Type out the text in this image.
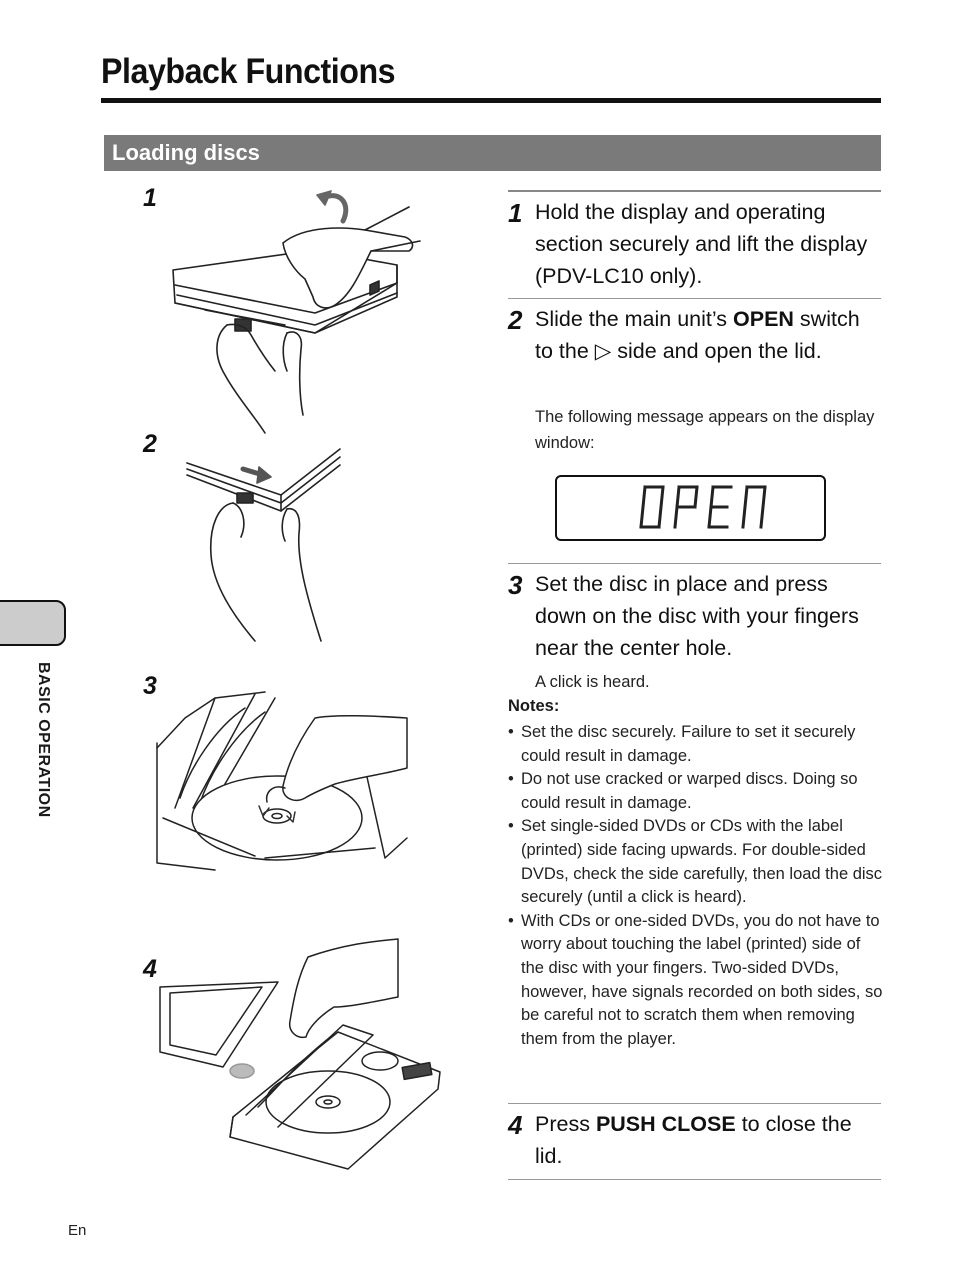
Playback Functions
Loading discs
BASIC OPERATION
1
2
3
4
1 Hold the display and operating section securely and lift the display (PDV-LC10 only).
2 Slide the main unit’s OPEN switch to the ▷ side and open the lid.
The following message appears on the display window:
3 Set the disc in place and press down on the disc with your fingers near the center hole.
A click is heard.
Notes:
• Set the disc securely. Failure to set it securely could result in damage.
• Do not use cracked or warped discs. Doing so could result in damage.
• Set single-sided DVDs or CDs with the label (printed) side facing upwards. For double-sided DVDs, check the side carefully, then load the disc securely (until a click is heard).
• With CDs or one-sided DVDs, you do not have to worry about touching the label (printed) side of the disc with your fingers. Two-sided DVDs, however, have signals recorded on both sides, so be careful not to scratch them when removing them from the player.
4 Press PUSH CLOSE to close the lid.
En
